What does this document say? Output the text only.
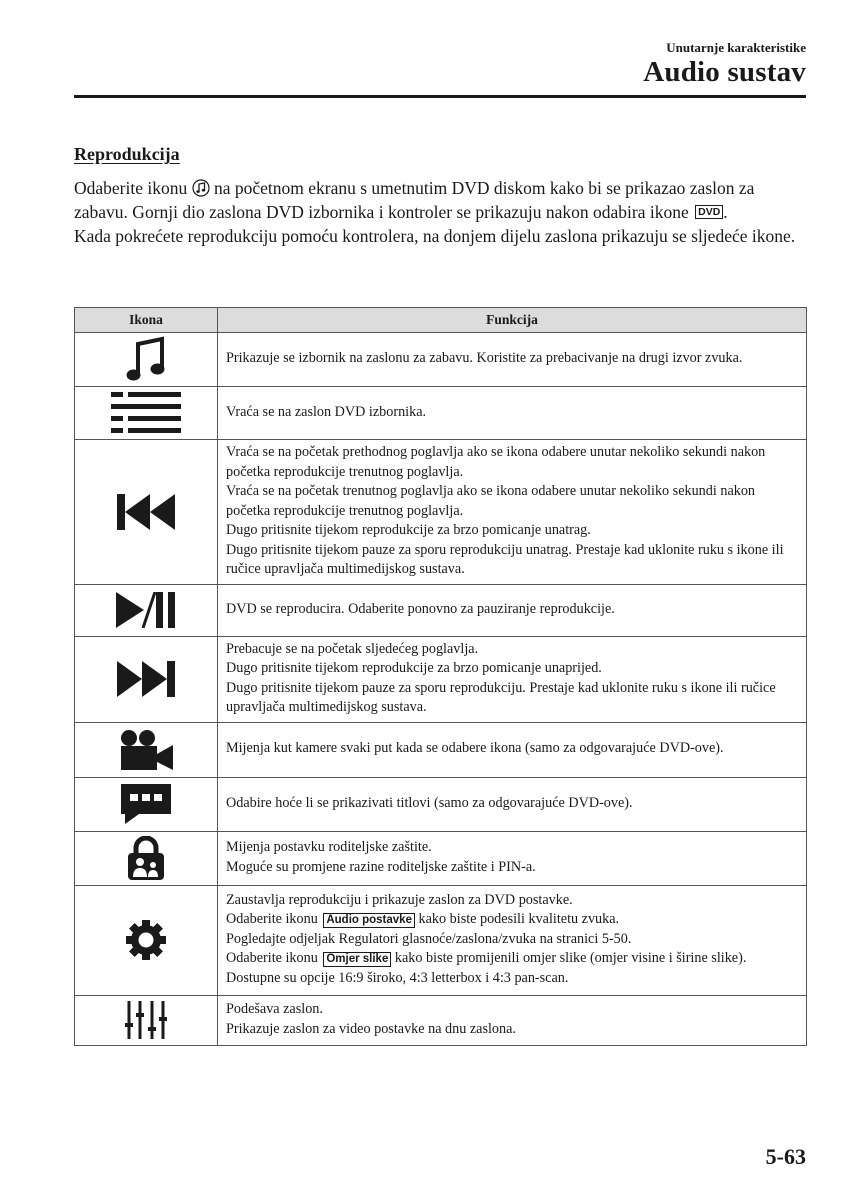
Unutarnje karakteristike
Audio sustav
Reprodukcija

Odaberite ikonu na početnom ekranu s umetnutim DVD diskom kako bi se prikazao zaslon za zabavu. Gornji dio zaslona DVD izbornika i kontroler se prikazuju nakon odabira ikone DVD .

Kada pokrećete reprodukciju pomoću kontrolera, na donjem dijelu zaslona prikazuju se sljedeće ikone.

Ikona	Funkcija

Prikazuje se izbornik na zaslonu za zabavu. Koristite za prebacivanje na drugi izvor zvuka.

Vraća se na zaslon DVD izbornika.

Vraća se na početak prethodnog poglavlja ako se ikona odabere unutar nekoliko sekundi nakon početka reprodukcije trenutnog poglavlja.
Vraća se na početak trenutnog poglavlja ako se ikona odabere unutar nekoliko sekundi nakon početka reprodukcije trenutnog poglavlja.
Dugo pritisnite tijekom reprodukcije za brzo pomicanje unatrag.
Dugo pritisnite tijekom pauze za sporu reprodukciju unatrag. Prestaje kad uklonite ruku s ikone ili ručice upravljača multimedijskog sustava.

DVD se reproducira. Odaberite ponovno za pauziranje reprodukcije.

Prebacuje se na početak sljedećeg poglavlja.
Dugo pritisnite tijekom reprodukcije za brzo pomicanje unaprijed.
Dugo pritisnite tijekom pauze za sporu reprodukciju. Prestaje kad uklonite ruku s ikone ili ručice upravljača multimedijskog sustava.

Mijenja kut kamere svaki put kada se odabere ikona (samo za odgovarajuće DVD-ove).

Odabire hoće li se prikazivati titlovi (samo za odgovarajuće DVD-ove).

Mijenja postavku roditeljske zaštite.
Moguće su promjene razine roditeljske zaštite i PIN-a.

Zaustavlja reprodukciju i prikazuje zaslon za DVD postavke.
Odaberite ikonu Audio postavke kako biste podesili kvalitetu zvuka.
Pogledajte odjeljak Regulatori glasnoće/zaslona/zvuka na stranici 5-50.
Odaberite ikonu Omjer slike kako biste promijenili omjer slike (omjer visine i širine slike). Dostupne su opcije 16:9 široko, 4:3 letterbox i 4:3 pan-scan.

Podešava zaslon.
Prikazuje zaslon za video postavke na dnu zaslona.
5-63
